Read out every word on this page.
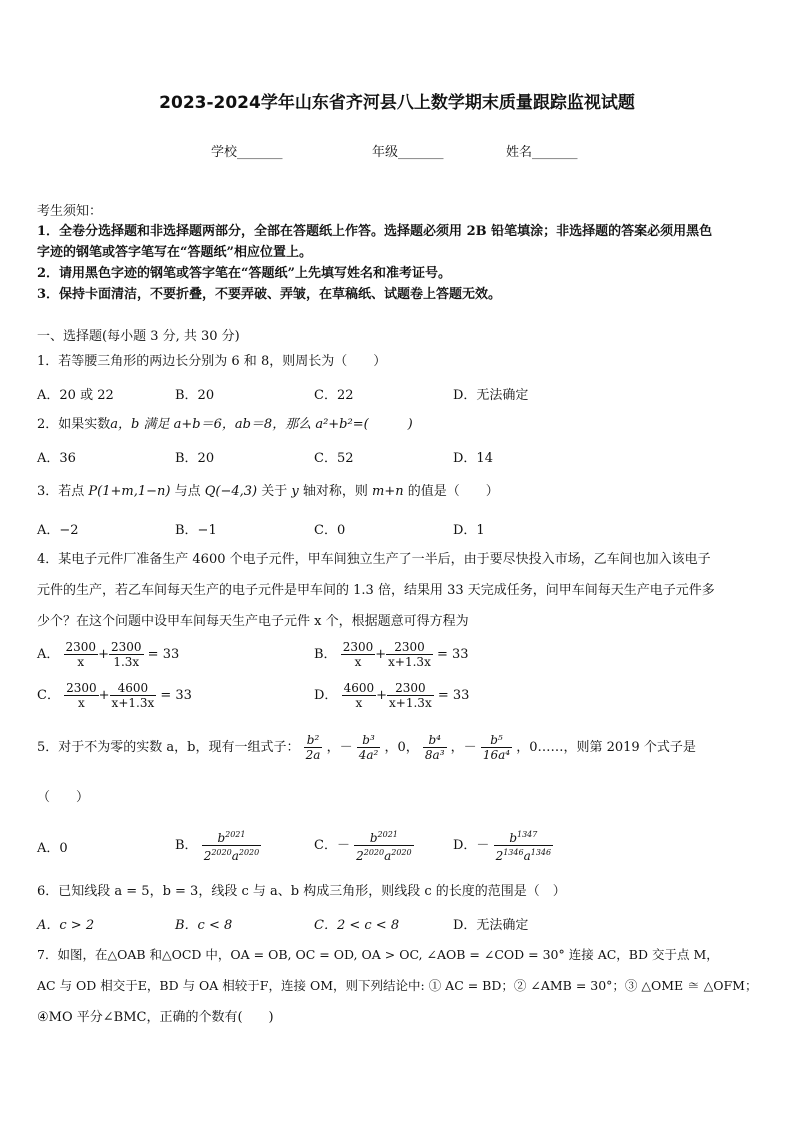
2023-2024学年山东省齐河县八上数学期末质量跟踪监视试题
学校_______	年级_______	姓名_______
考生须知：
1．全卷分选择题和非选择题两部分，全部在答题纸上作答。选择题必须用 2B 铅笔填涂；非选择题的答案必须用黑色
字迹的钢笔或答字笔写在“答题纸”相应位置上。
2．请用黑色字迹的钢笔或答字笔在“答题纸”上先填写姓名和准考证号。
3．保持卡面清洁，不要折叠，不要弄破、弄皱，在草稿纸、试题卷上答题无效。
一、选择题(每小题 3 分, 共 30 分)
1．若等腰三角形的两边长分别为 6 和 8，则周长为（　　）
A．20 或 22	B．20	C．22	D．无法确定
2．如果实数a，b 满足 a+b＝6，ab＝8，那么 a²+b²=(　　　)
A．36	B．20	C．52	D．14
3．若点 P(1+m,1−n) 与点 Q(−4,3) 关于 y 轴对称，则 m+n 的值是（　　）
A．−2	B．−1	C．0	D．1
4．某电子元件厂准备生产 4600 个电子元件，甲车间独立生产了一半后，由于要尽快投入市场，乙车间也加入该电子
元件的生产，若乙车间每天生产的电子元件是甲车间的 1.3 倍，结果用 33 天完成任务，问甲车间每天生产电子元件多
少个？在这个问题中设甲车间每天生产电子元件 x 个，根据题意可得方程为
A． $\frac{2300}{x} + \frac{2300}{1.3x} = 33$	B． $\frac{2300}{x} + \frac{2300}{x+1.3x} = 33$
C． $\frac{2300}{x} + \frac{4600}{x+1.3x} = 33$	D． $\frac{4600}{x} + \frac{2300}{x+1.3x} = 33$
5．对于不为零的实数 a，b，现有一组式子： $\frac{\text{b²}}{2a}$ ，－ $\frac{\text{b³}}{\text{4a²}}$ ，0， $\frac{\text{b⁴}}{\text{8a³}}$ ，－ $\frac{\text{b⁵}}{\text{16a⁴}}$ ，0……，则第 2019 个式子是
（　　）
A．0	B． $\frac{b^{2021}}{2^{2020}a^{2020}}$	C．－ $\frac{b^{2021}}{2^{2020}a^{2020}}$	D．－ $\frac{b^{1347}}{2^{1346}a^{1346}}$
6．已知线段 a = 5，b = 3，线段 c 与 a、b 构成三角形，则线段 c 的长度的范围是（　）
A．c > 2	B．c < 8	C．2 < c < 8	D．无法确定
7．如图，在△OAB 和△OCD 中，OA = OB, OC = OD, OA > OC, ∠AOB = ∠COD = 30° 连接 AC，BD 交于点 M，
AC 与 OD 相交于E，BD 与 OA 相较于F，连接 OM，则下列结论中: ① AC = BD；② ∠AMB = 30°；③ △OME ≅ △OFM；
④MO 平分∠BMC，正确的个数有(　　)
